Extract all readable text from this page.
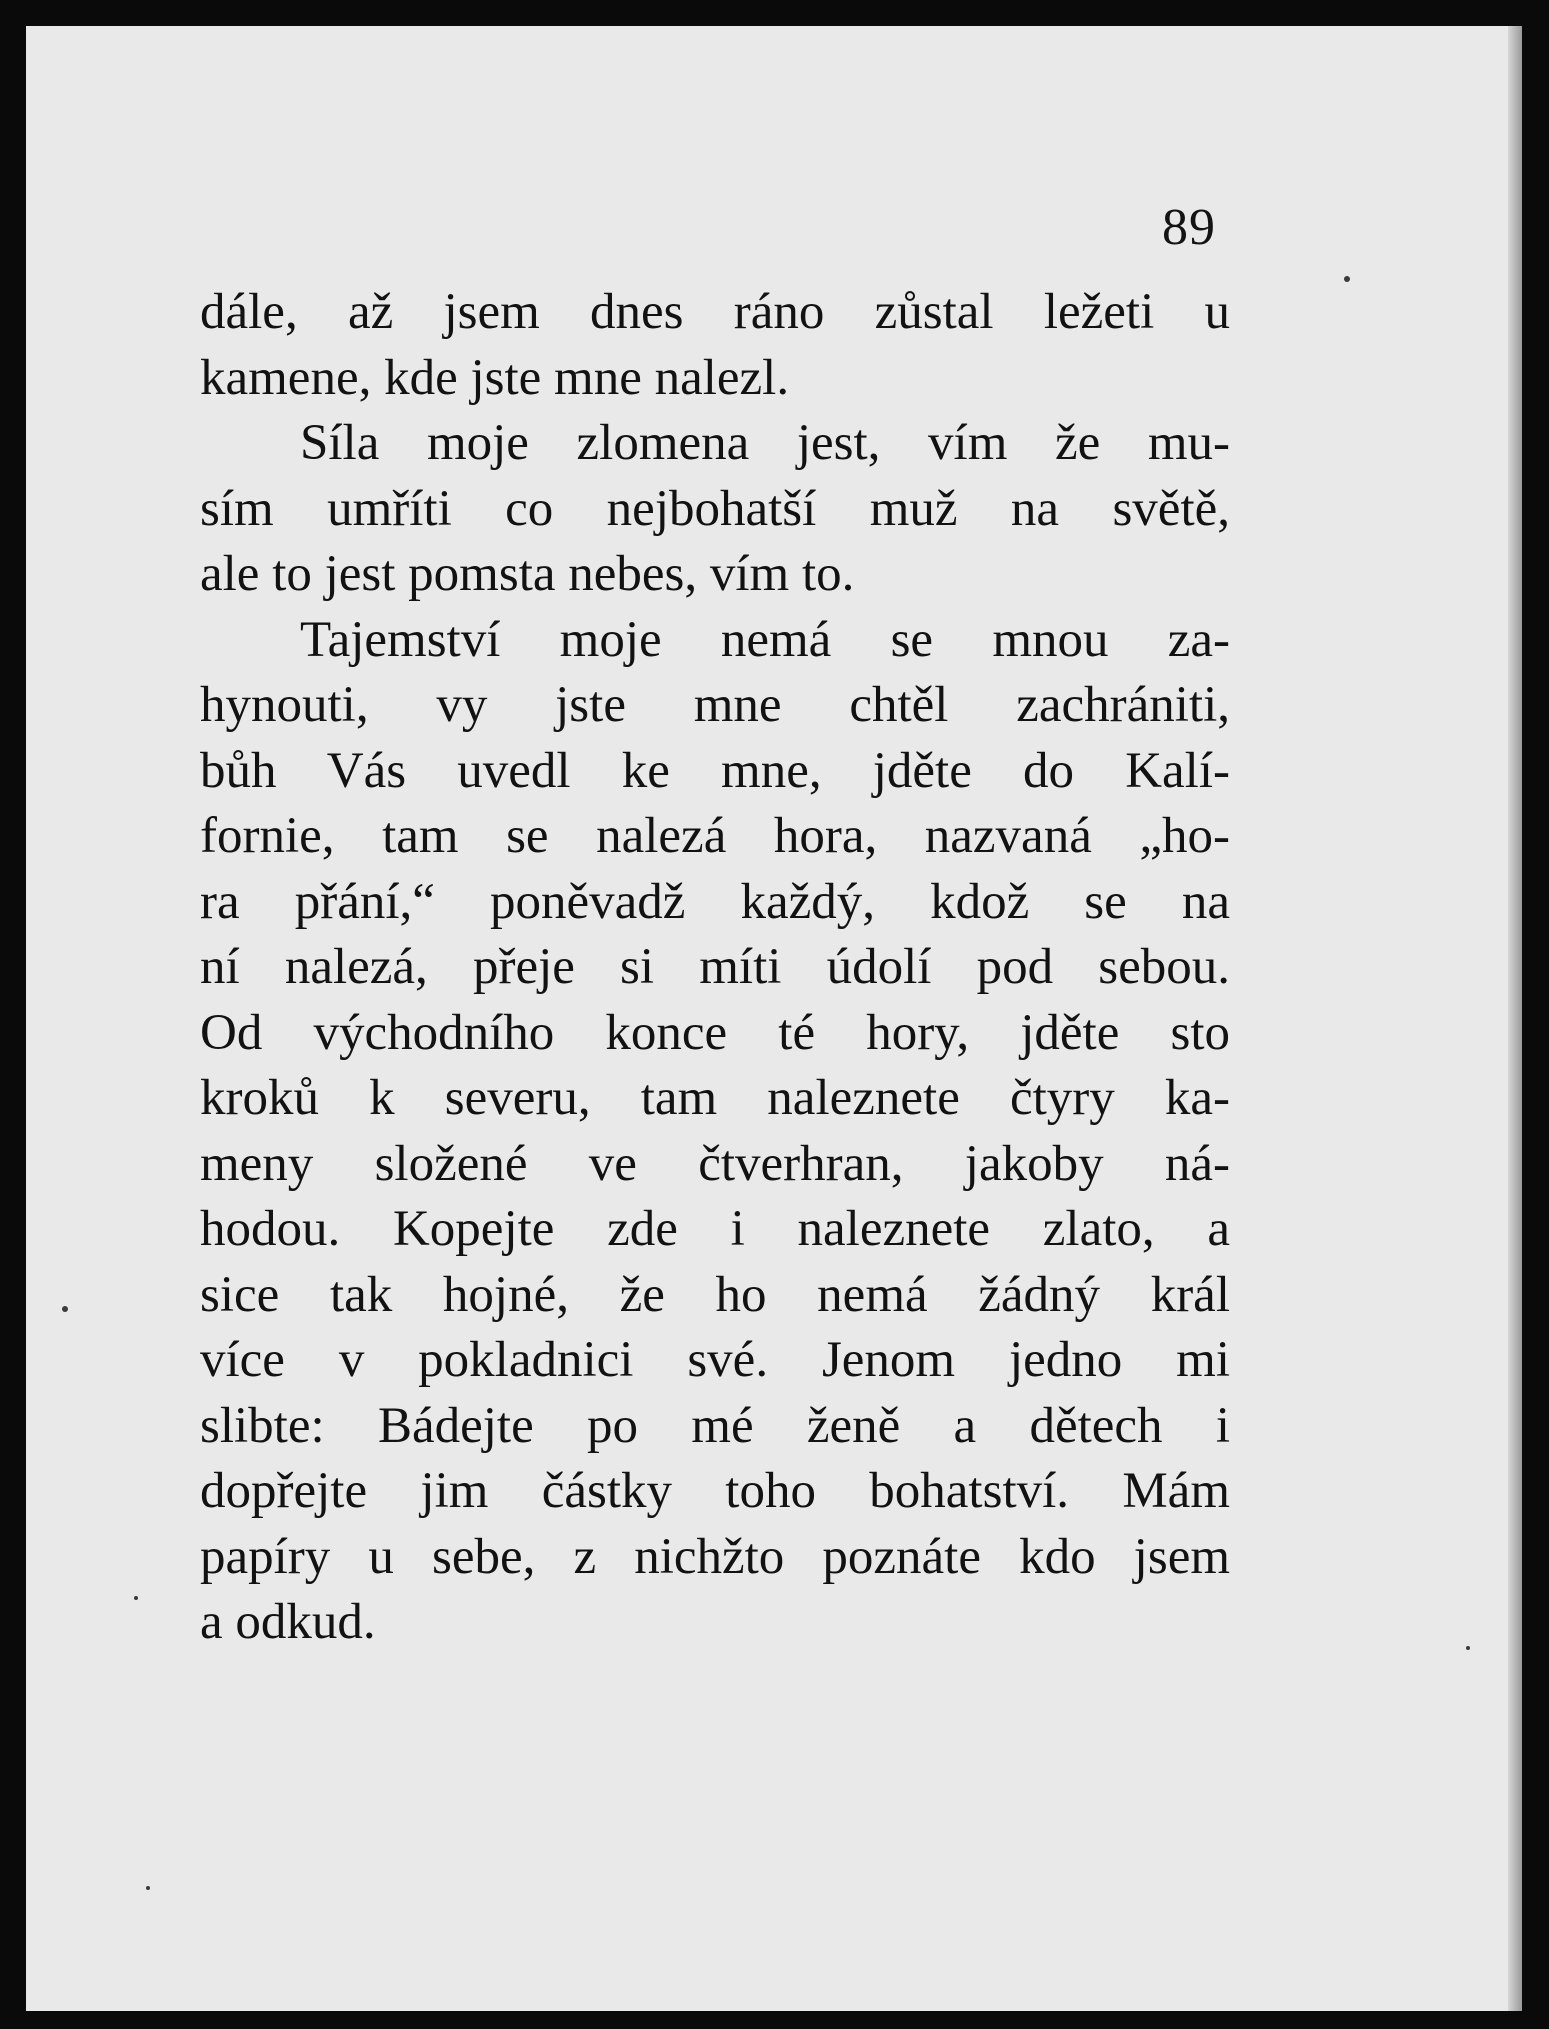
89
dále, až jsem dnes ráno zůstal ležeti u
kamene, kde jste mne nalezl.
Síla moje zlomena jest, vím že mu-
sím umříti co nejbohatší muž na světě,
ale to jest pomsta nebes, vím to.
Tajemství moje nemá se mnou za-
hynouti, vy jste mne chtěl zachrániti,
bůh Vás uvedl ke mne, jděte do Kalí-
fornie, tam se nalezá hora, nazvaná „ho-
ra přání,“ poněvadž každý, kdož se na
ní nalezá, přeje si míti údolí pod sebou.
Od východního konce té hory, jděte sto
kroků k severu, tam naleznete čtyry ka-
meny složené ve čtverhran, jakoby ná-
hodou. Kopejte zde i naleznete zlato, a
sice tak hojné, že ho nemá žádný král
více v pokladnici své. Jenom jedno mi
slibte: Bádejte po mé ženě a dětech i
dopřejte jim částky toho bohatství. Mám
papíry u sebe, z nichžto poznáte kdo jsem
a odkud.
